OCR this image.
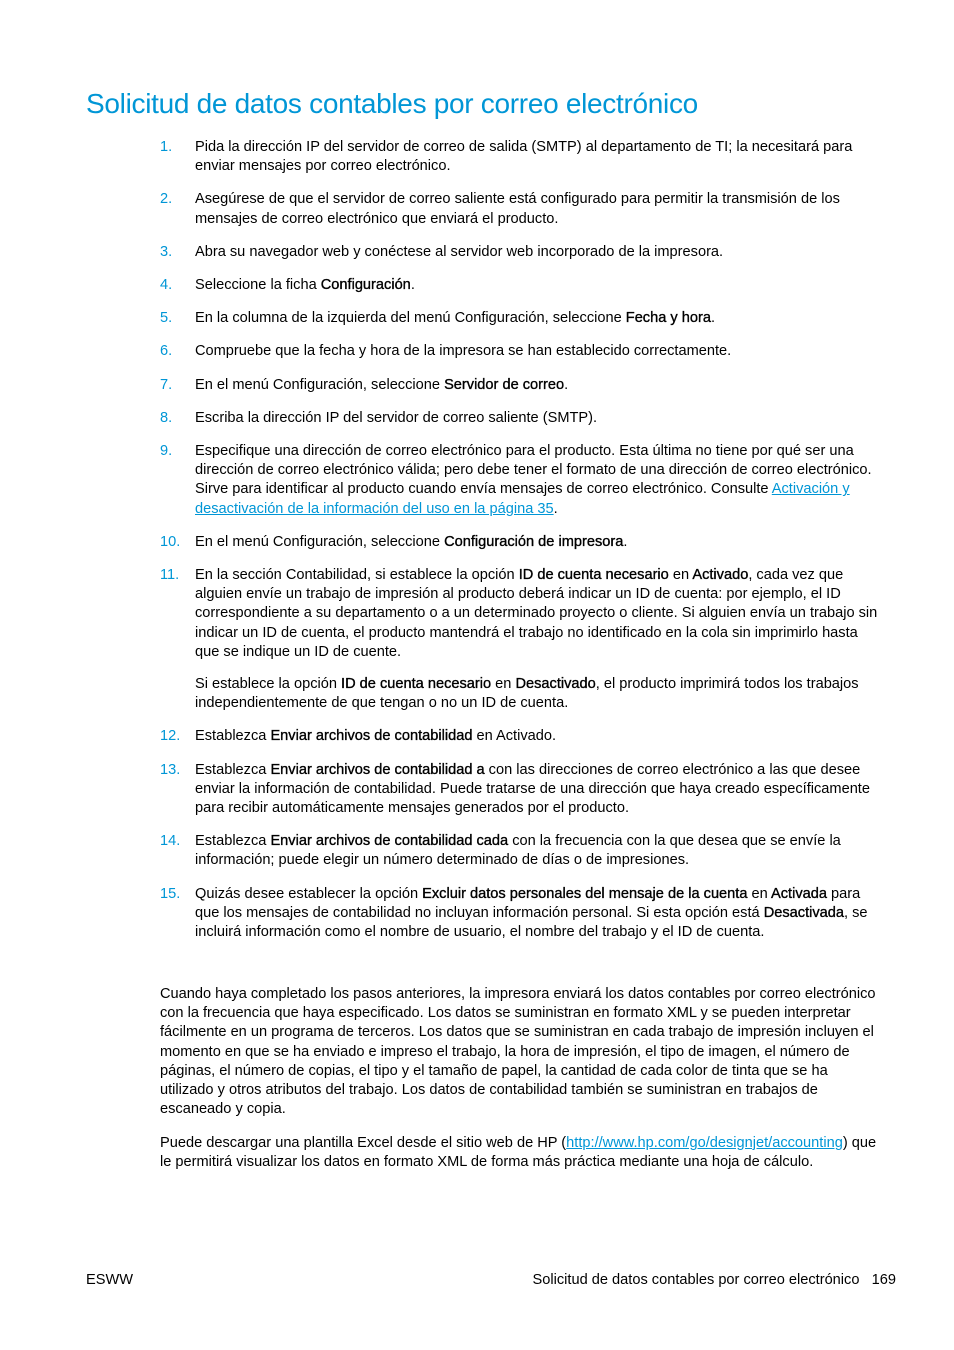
Solicitud de datos contables por correo electrónico
1. Pida la dirección IP del servidor de correo de salida (SMTP) al departamento de TI; la necesitará para enviar mensajes por correo electrónico.
2. Asegúrese de que el servidor de correo saliente está configurado para permitir la transmisión de los mensajes de correo electrónico que enviará el producto.
3. Abra su navegador web y conéctese al servidor web incorporado de la impresora.
4. Seleccione la ficha Configuración.
5. En la columna de la izquierda del menú Configuración, seleccione Fecha y hora.
6. Compruebe que la fecha y hora de la impresora se han establecido correctamente.
7. En el menú Configuración, seleccione Servidor de correo.
8. Escriba la dirección IP del servidor de correo saliente (SMTP).
9. Especifique una dirección de correo electrónico para el producto. Esta última no tiene por qué ser una dirección de correo electrónico válida; pero debe tener el formato de una dirección de correo electrónico. Sirve para identificar al producto cuando envía mensajes de correo electrónico. Consulte Activación y desactivación de la información del uso en la página 35.
10. En el menú Configuración, seleccione Configuración de impresora.
11. En la sección Contabilidad, si establece la opción ID de cuenta necesario en Activado, cada vez que alguien envíe un trabajo de impresión al producto deberá indicar un ID de cuenta: por ejemplo, el ID correspondiente a su departamento o a un determinado proyecto o cliente. Si alguien envía un trabajo sin indicar un ID de cuenta, el producto mantendrá el trabajo no identificado en la cola sin imprimirlo hasta que se indique un ID de cuente.
Si establece la opción ID de cuenta necesario en Desactivado, el producto imprimirá todos los trabajos independientemente de que tengan o no un ID de cuenta.
12. Establezca Enviar archivos de contabilidad en Activado.
13. Establezca Enviar archivos de contabilidad a con las direcciones de correo electrónico a las que desee enviar la información de contabilidad. Puede tratarse de una dirección que haya creado específicamente para recibir automáticamente mensajes generados por el producto.
14. Establezca Enviar archivos de contabilidad cada con la frecuencia con la que desea que se envíe la información; puede elegir un número determinado de días o de impresiones.
15. Quizás desee establecer la opción Excluir datos personales del mensaje de la cuenta en Activada para que los mensajes de contabilidad no incluyan información personal. Si esta opción está Desactivada, se incluirá información como el nombre de usuario, el nombre del trabajo y el ID de cuenta.

Cuando haya completado los pasos anteriores, la impresora enviará los datos contables por correo electrónico con la frecuencia que haya especificado. Los datos se suministran en formato XML y se pueden interpretar fácilmente en un programa de terceros. Los datos que se suministran en cada trabajo de impresión incluyen el momento en que se ha enviado e impreso el trabajo, la hora de impresión, el tipo de imagen, el número de páginas, el número de copias, el tipo y el tamaño de papel, la cantidad de cada color de tinta que se ha utilizado y otros atributos del trabajo. Los datos de contabilidad también se suministran en trabajos de escaneado y copia.

Puede descargar una plantilla Excel desde el sitio web de HP (http://www.hp.com/go/designjet/accounting) que le permitirá visualizar los datos en formato XML de forma más práctica mediante una hoja de cálculo.

ESWW	Solicitud de datos contables por correo electrónico 169
